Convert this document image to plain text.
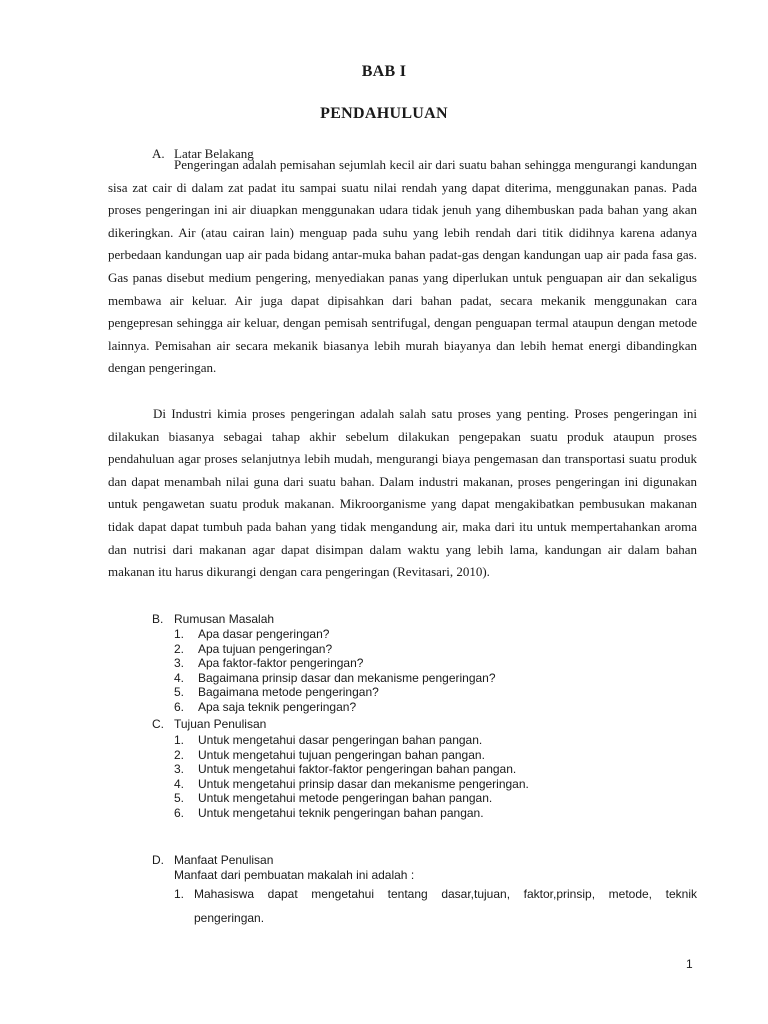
BAB I
PENDAHULUAN
A. Latar Belakang

Pengeringan adalah pemisahan sejumlah kecil air dari suatu bahan sehingga mengurangi kandungan sisa zat cair di dalam zat padat itu sampai suatu nilai rendah yang dapat diterima, menggunakan panas. Pada proses pengeringan ini air diuapkan menggunakan udara tidak jenuh yang dihembuskan pada bahan yang akan dikeringkan. Air (atau cairan lain) menguap pada suhu yang lebih rendah dari titik didihnya karena adanya perbedaan kandungan uap air pada bidang antar-muka bahan padat-gas dengan kandungan uap air pada fasa gas. Gas panas disebut medium pengering, menyediakan panas yang diperlukan untuk penguapan air dan sekaligus membawa air keluar. Air juga dapat dipisahkan dari bahan padat, secara mekanik menggunakan cara pengepresan sehingga air keluar, dengan pemisah sentrifugal, dengan penguapan termal ataupun dengan metode lainnya. Pemisahan air secara mekanik biasanya lebih murah biayanya dan lebih hemat energi dibandingkan dengan pengeringan.

Di Industri kimia proses pengeringan adalah salah satu proses yang penting. Proses pengeringan ini dilakukan biasanya sebagai tahap akhir sebelum dilakukan pengepakan suatu produk ataupun proses pendahuluan agar proses selanjutnya lebih mudah, mengurangi biaya pengemasan dan transportasi suatu produk dan dapat menambah nilai guna dari suatu bahan. Dalam industri makanan, proses pengeringan ini digunakan untuk pengawetan suatu produk makanan. Mikroorganisme yang dapat mengakibatkan pembusukan makanan tidak dapat dapat tumbuh pada bahan yang tidak mengandung air, maka dari itu untuk mempertahankan aroma dan nutrisi dari makanan agar dapat disimpan dalam waktu yang lebih lama, kandungan air dalam bahan makanan itu harus dikurangi dengan cara pengeringan (Revitasari, 2010).

B. Rumusan Masalah
1. Apa dasar pengeringan?
2. Apa tujuan pengeringan?
3. Apa faktor-faktor pengeringan?
4. Bagaimana prinsip dasar dan mekanisme pengeringan?
5. Bagaimana metode pengeringan?
6. Apa saja teknik pengeringan?
C. Tujuan Penulisan
1. Untuk mengetahui dasar pengeringan bahan pangan.
2. Untuk mengetahui tujuan pengeringan bahan pangan.
3. Untuk mengetahui faktor-faktor pengeringan bahan pangan.
4. Untuk mengetahui prinsip dasar dan mekanisme pengeringan.
5. Untuk mengetahui metode pengeringan bahan pangan.
6. Untuk mengetahui teknik pengeringan bahan pangan.
D. Manfaat Penulisan
Manfaat dari pembuatan makalah ini adalah :
1. Mahasiswa dapat mengetahui tentang dasar,tujuan, faktor,prinsip, metode, teknik pengeringan.
1
